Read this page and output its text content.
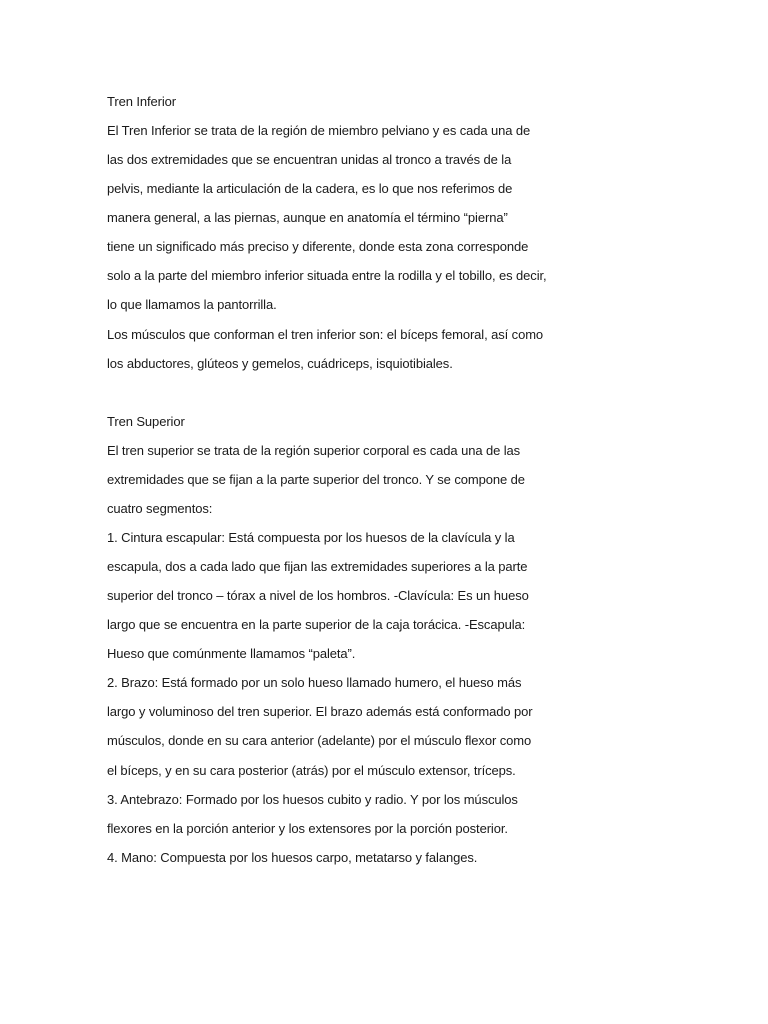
Tren Inferior

El Tren Inferior se trata de la región de miembro pelviano y es cada una de

las dos extremidades que se encuentran unidas al tronco a través de la

pelvis, mediante la articulación de la cadera, es lo que nos referimos de

manera general, a las piernas, aunque en anatomía el término “pierna”

tiene un significado más preciso y diferente, donde esta zona corresponde

solo a la parte del miembro inferior situada entre la rodilla y el tobillo, es decir,

lo que llamamos la pantorrilla.

Los músculos que conforman el tren inferior son: el bíceps femoral, así como

los abductores, glúteos y gemelos, cuádriceps, isquiotibiales.

Tren Superior

El tren superior se trata de la región superior corporal es cada una de las

extremidades que se fijan a la parte superior del tronco. Y se compone de

cuatro segmentos:

1. Cintura escapular: Está compuesta por los huesos de la clavícula y la

escapula, dos a cada lado que fijan las extremidades superiores a la parte

superior del tronco – tórax a nivel de los hombros. -Clavícula: Es un hueso

largo que se encuentra en la parte superior de la caja torácica. -Escapula:

Hueso que comúnmente llamamos “paleta”.

2. Brazo: Está formado por un solo hueso llamado humero, el hueso más

largo y voluminoso del tren superior. El brazo además está conformado por

músculos, donde en su cara anterior (adelante) por el músculo flexor como

el bíceps, y en su cara posterior (atrás) por el músculo extensor, tríceps.

3. Antebrazo: Formado por los huesos cubito y radio. Y por los músculos

flexores en la porción anterior y los extensores por la porción posterior.

4. Mano: Compuesta por los huesos carpo, metatarso y falanges.
